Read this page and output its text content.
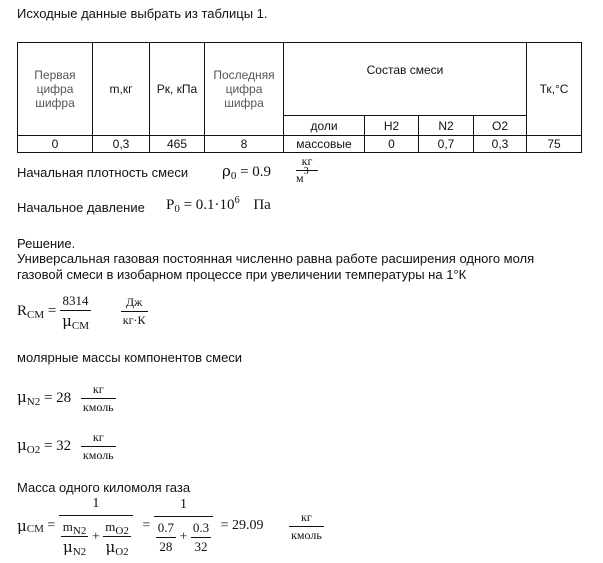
Исходные данные выбрать из таблицы 1.
Первая цифра шифра	m,кг	Рк, кПа	Последняя цифра шифра	Состав смеси				Тк,°С
				доли	Н2	N2	О2	
0	0,3	465	8	массовые	0	0,7	0,3	75
Начальная плотность смеси $\rho_0 = 0.9$
кг
$м^3$
Начальное давление $P_0 = 0.1\cdot 10^6$ Па
Решение.
Универсальная газовая постоянная численно равна работе расширения одного моля
газовой смеси в изобарном процессе при увеличении температуры на 1°К
$R_{CM} = \frac{8314}{\mu_{CM}}$
$\frac{Дж}{кг\cdot К}$
молярные массы компонентов смеси
$\mu_{N2} = 28 \frac{кг}{\text{кмоль}}$
$\mu_{O2} = 32 \frac{кг}{\text{кмоль}}$
Масса одного киломоля газа
$\mu_{CM}$ =
1
$\frac{m_{N2}}{\mu_{N2}} + \frac{m_{O2}}{\mu_{O2}} = \frac{1}{\frac{0.7}{28} + \frac{0.3}{32}} = 29.09 \frac{кг}{\text{кмоль}}$
